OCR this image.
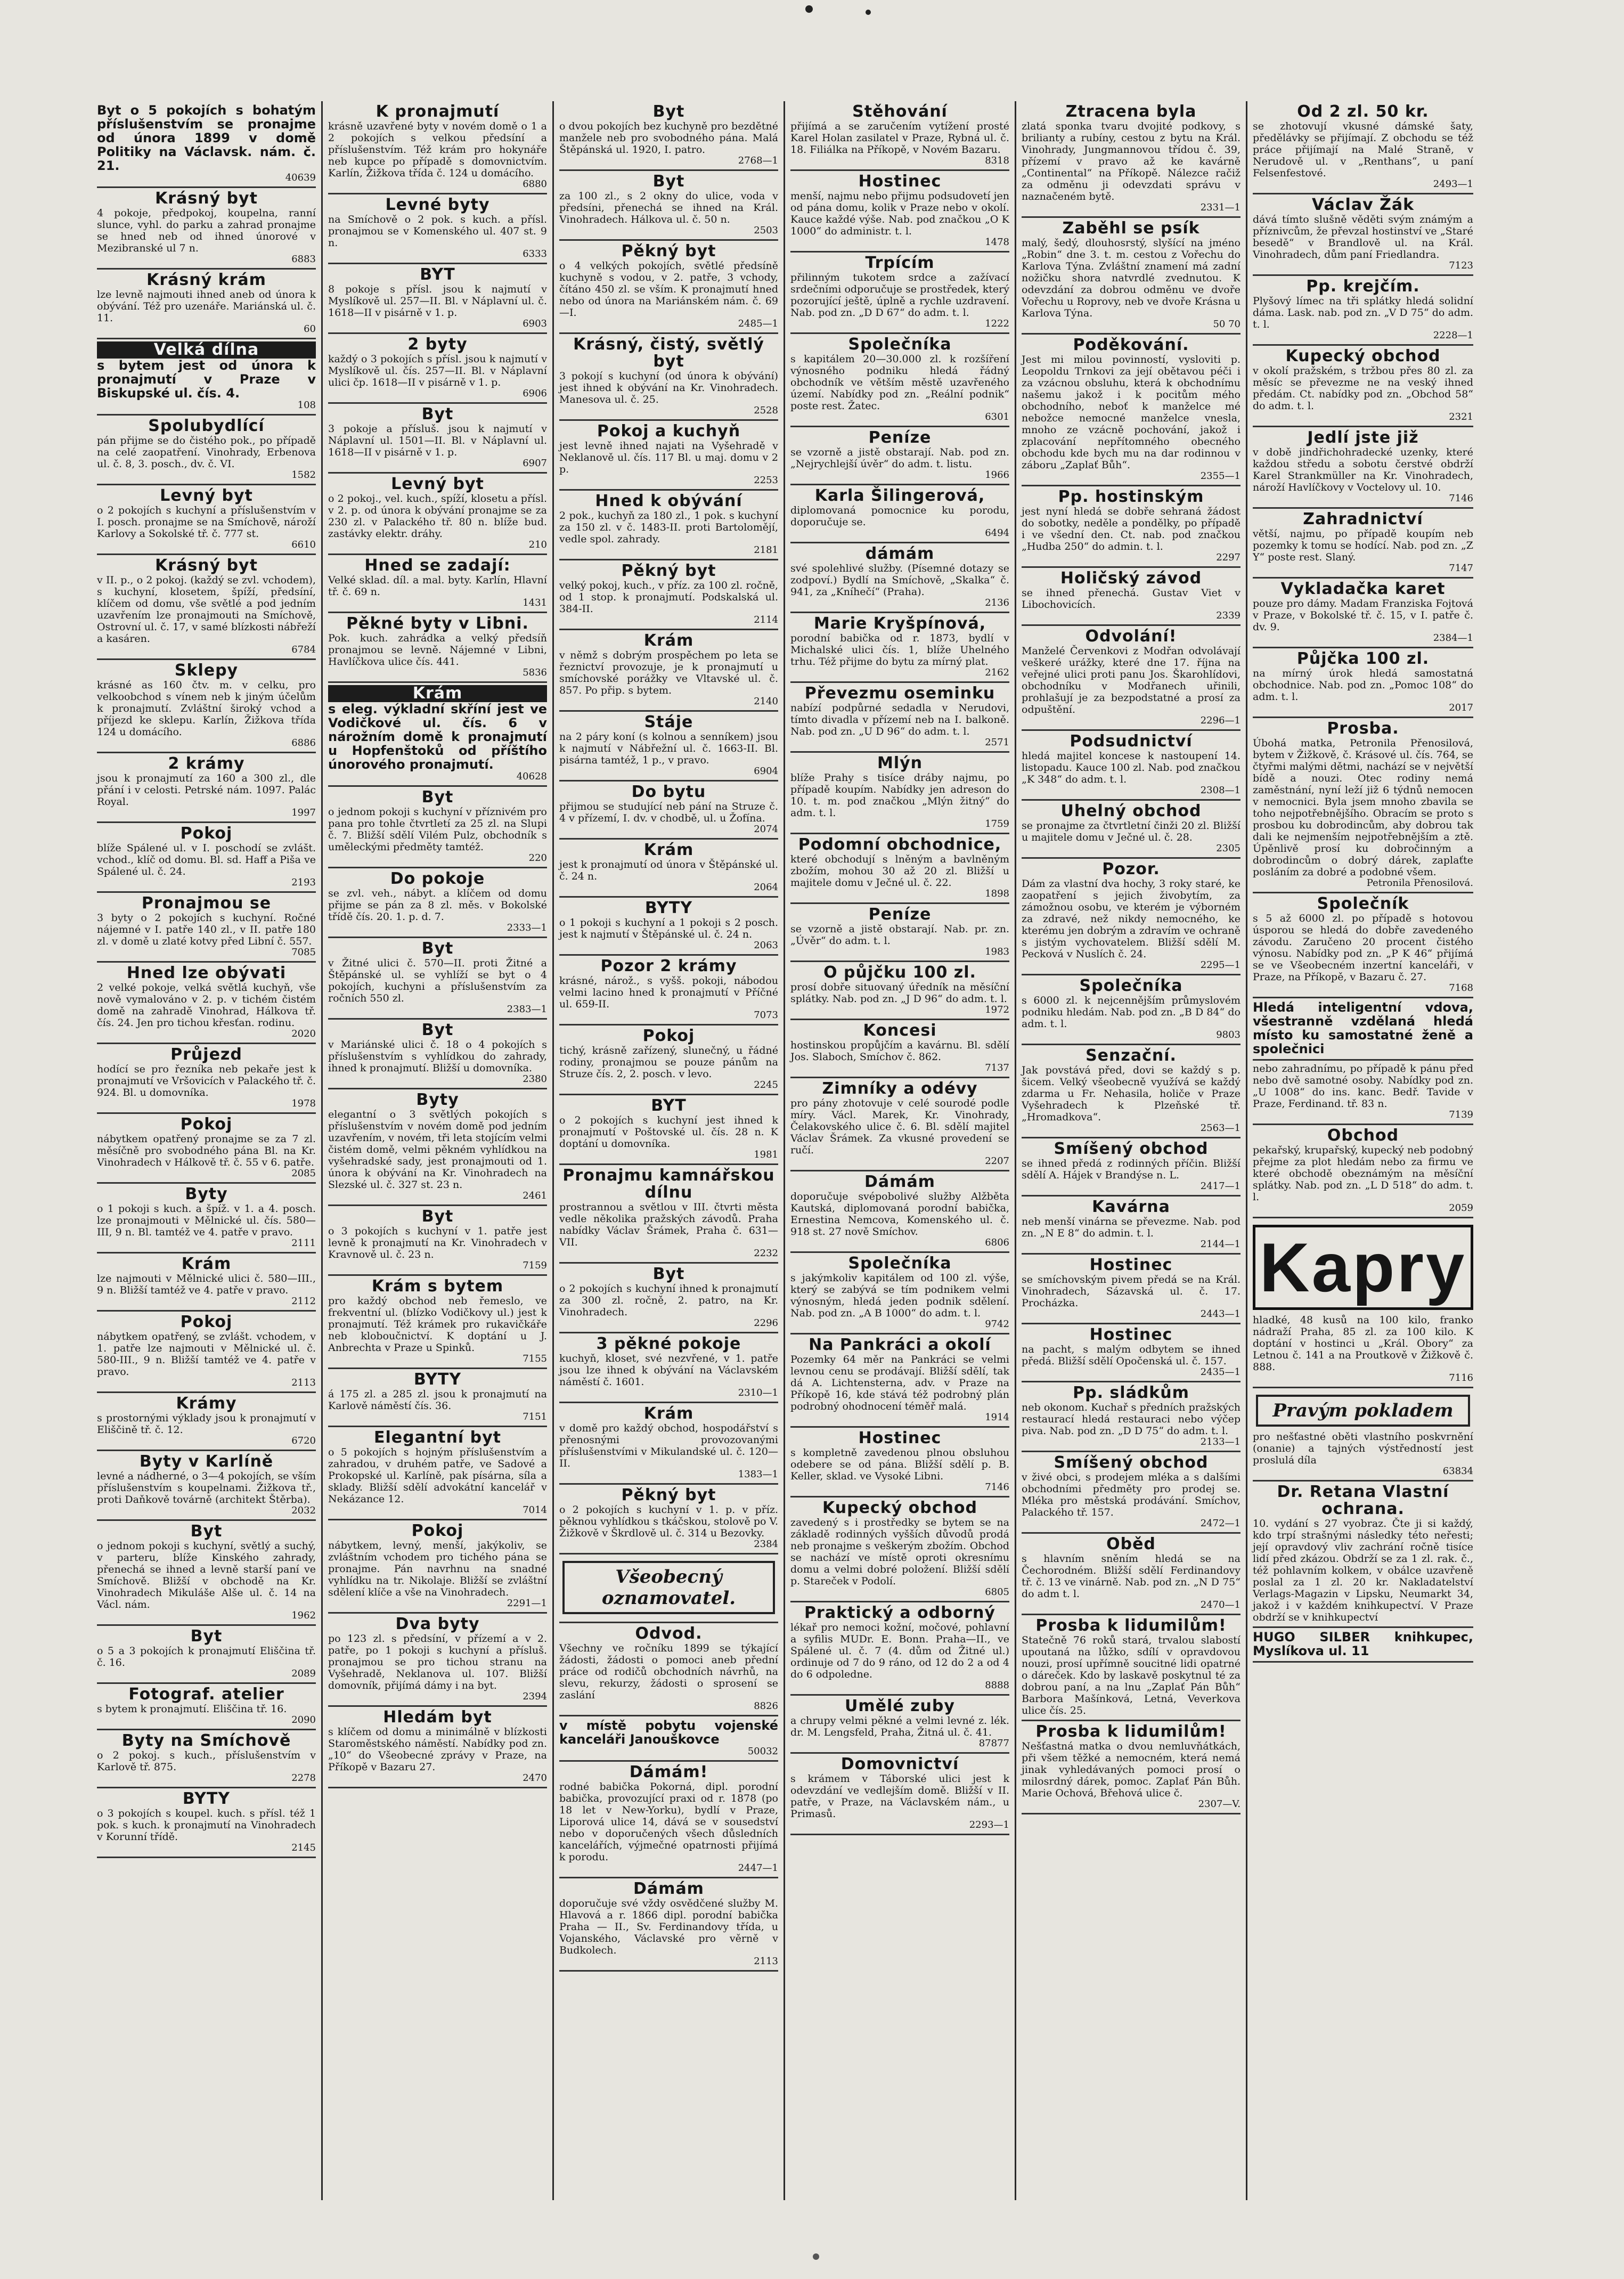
Byt o 5 pokojích s bohatým příslušenstvím se pronajme od února 1899 v domě Politiky na Václavsk. nám. č. 21.

40639
Krásný byt

4 pokoje, předpokoj, koupelna, ranní slunce, vyhl. do parku a zahrad pronajme se hned neb od ihned únorové v Mezibranské ul 7 n.

6883
Krásný krám

lze levně najmouti ihned aneb od února k obývání. Též pro uzenáře. Mariánská ul. č. 11.

60
Velká dílna

s bytem jest od února k pronajmutí v Praze v Biskupské ul. čís. 4.

108
Spolubydlící

pán přijme se do čistého pok., po případě na celé zaopatření. Vinohrady, Erbenova ul. č. 8, 3. posch., dv. č. VI.

1582
Levný byt

o 2 pokojích s kuchyní a příslušenstvím v I. posch. pronajme se na Smíchově, nároží Karlovy a Sokolské tř. č. 777 st.

6610
Krásný byt

v II. p., o 2 pokoj. (každý se zvl. vchodem), s kuchyní, klosetem, špíží, předsíní, klíčem od domu, vše světlé a pod jedním uzavřením lze pronajmouti na Smíchově, Ostrovní ul. č. 17, v samé blízkosti nábřeží a kasáren.

6784
Sklepy

krásné as 160 čtv. m. v celku, pro velkoobchod s vínem neb k jiným účelům k pronajmutí. Zvláštní široký vchod a příjezd ke sklepu. Karlín, Žižkova třída 124 u domácího.

6886
2 krámy

jsou k pronajmutí za 160 a 300 zl., dle přání i v celosti. Petrské nám. 1097. Palác Royal.

1997
Pokoj

blíže Spálené ul. v I. poschodí se zvlášt. vchod., klíč od domu. Bl. sd. Haff a Piša ve Spálené ul. č. 24.

2193
Pronajmou se

3 byty o 2 pokojích s kuchyní. Ročné nájemné v I. patře 140 zl., v II. patře 180 zl. v domě u zlaté kotvy před Libní č. 557.

7085
Hned lze obývati

2 velké pokoje, velká světlá kuchyň, vše nově vymalováno v 2. p. v tichém čistém domě na zahradě Vinohrad, Hálkova tř. čís. 24. Jen pro tichou křesťan. rodinu.

2020
Průjezd

hodící se pro řezníka neb pekaře jest k pronajmutí ve Vršovicích v Palackého tř. č. 924. Bl. u domovníka.

1978
Pokoj

nábytkem opatřený pronajme se za 7 zl. měsíčně pro svobodného pána Bl. na Kr. Vinohradech v Hálkově tř. č. 55 v 6. patře.

2085
Byty

o 1 pokoji s kuch. a špíž. v 1. a 4. posch. lze pronajmouti v Mělnické ul. čís. 580—III, 9 n. Bl. tamtéž ve 4. patře v pravo.

2111
Krám

lze najmouti v Mělnické ulici č. 580—III., 9 n. Bližší tamtéž ve 4. patře v pravo.

2112
Pokoj

nábytkem opatřený, se zvlášt. vchodem, v 1. patře lze najmouti v Mělnické ul. č. 580-III., 9 n. Bližší tamtéž ve 4. patře v pravo.

2113
Krámy

s prostornými výklady jsou k pronajmutí v Eliščině tř. č. 12.

6720
Byty v Karlíně

levné a nádherné, o 3—4 pokojích, se vším příslušenstvím s koupelnami. Žižkova tř., proti Daňkově továrně (architekt Štěrba).

2032
Byt

o jednom pokoji s kuchyní, světlý a suchý, v parteru, blíže Kinského zahrady, přenechá se ihned a levně starší paní ve Smíchově. Bližší v obchodě na Kr. Vinohradech Mikuláše Alše ul. č. 14 na Václ. nám.

1962
Byt

o 5 a 3 pokojích k pronajmutí Eliščina tř. č. 16.

2089
Fotograf. atelier

s bytem k pronajmutí. Eliščina tř. 16.

2090
Byty na Smíchově

o 2 pokoj. s kuch., příslušenstvím v Karlově tř. 875.

2278
BYTY

o 3 pokojích s koupel. kuch. s přísl. též 1 pok. s kuch. k pronajmutí na Vinohradech v Korunní třídě.

2145
K pronajmutí

krásně uzavřené byty v novém domě o 1 a 2 pokojích s velkou předsíní a příslušenstvím. Též krám pro hokynáře neb kupce po případě s domovnictvím. Karlín, Žižkova třída č. 124 u domácího.

6880
Levné byty

na Smíchově o 2 pok. s kuch. a přísl. pronajmou se v Komenského ul. 407 st. 9 n.

6333
BYT

8 pokoje s přísl. jsou k najmutí v Myslíkově ul. 257—II. Bl. v Náplavní ul. č. 1618—II v pisárně v 1. p.

6903
2 byty

každý o 3 pokojích s přísl. jsou k najmutí v Myslíkově ul. čís. 257—II. Bl. v Náplavní ulici čp. 1618—II v pisárně v 1. p.

6906
Byt

3 pokoje a přísluš. jsou k najmutí v Náplavní ul. 1501—II. Bl. v Náplavní ul. 1618—II v pisárně v 1. p.

6907
Levný byt

o 2 pokoj., vel. kuch., spíží, klosetu a přísl. v 2. p. od února k obývání pronajme se za 230 zl. v Palackého tř. 80 n. blíže bud. zastávky elektr. dráhy.

210
Hned se zadají:

Velké sklad. díl. a mal. byty. Karlín, Hlavní tř. č. 69 n.

1431
Pěkné byty v Libni.

Pok. kuch. zahrádka a velký předsíň pronajmou se levně. Nájemné v Libni, Havlíčkova ulice čís. 441.

5836
Krám

s eleg. výkladní skříní jest ve Vodičkové ul. čís. 6 v nárožním domě k pronajmutí u Hopfenštoků od příštího únorového pronajmutí.

40628
Byt

o jednom pokoji s kuchyní v příznivém pro pana pro tohle čtvrtletí za 25 zl. na Slupi č. 7. Bližší sdělí Vilém Pulz, obchodník s uměleckými předměty tamtéž.

220
Do pokoje

se zvl. veh., nábyt. a klíčem od domu přijme se pán za 8 zl. měs. v Bokolské třídě čís. 20. 1. p. d. 7.

2333—1
Byt

v Žitné ulici č. 570—II. proti Žitné a Štěpánské ul. se vyhlíží se byt o 4 pokojích, kuchyni a příslušenstvím za ročních 550 zl.

2383—1
Byt

v Mariánské ulici č. 18 o 4 pokojích s příslušenstvím s vyhlídkou do zahrady, ihned k pronajmutí. Bližší u domovníka.

2380
Byty

elegantní o 3 světlých pokojích s příslušenstvím v novém domě pod jedním uzavřením, v novém, tři leta stojícím velmi čistém domě, velmi pěkném vyhlídkou na vyšehradské sady, jest pronajmouti od 1. února k obývání na Kr. Vinohradech na Slezské ul. č. 327 st. 23 n.

2461
Byt

o 3 pokojích s kuchyní v 1. patře jest levně k pronajmutí na Kr. Vinohradech v Kravnově ul. č. 23 n.

7159
Krám s bytem

pro každý obchod neb řemeslo, ve frekventní ul. (blízko Vodičkovy ul.) jest k pronajmutí. Též krámek pro rukavičkáře neb kloboučnictví. K doptání u J. Anbrechta v Praze u Spinků.

7155
BYTY

á 175 zl. a 285 zl. jsou k pronajmutí na Karlově náměstí čís. 36.

7151
Elegantní byt

o 5 pokojích s hojným příslušenstvím a zahradou, v druhém patře, ve Sadové a Prokopské ul. Karlíně, pak písárna, síla a sklady. Bližší sdělí advokátní kancelář v Nekázance 12.

7014
Pokoj

nábytkem, levný, menší, jakýkoliv, se zvláštním vchodem pro tichého pána se pronajme. Pán navrhnu na snadné vyhlídku na tr. Nikolaje. Bližší se zvláštní sdělení klíče a vše na Vinohradech.

2291—1
Dva byty

po 123 zl. s předsíní, v přízemí a v 2. patře, po 1 pokoji s kuchyní a přísluš. pronajmou se pro tichou stranu na Vyšehradě, Neklanova ul. 107. Bližší domovník, přijímá dámy i na byt.

2394
Hledám byt

s klíčem od domu a minimálně v blízkosti Staroměstského náměstí. Nabídky pod zn. „10“ do Všeobecné zprávy v Praze, na Příkopě v Bazaru 27.

2470
Byt

o dvou pokojích bez kuchyně pro bezdětné manžele neb pro svobodného pána. Malá Štěpánská ul. 1920, I. patro.

2768—1
Byt

za 100 zl., s 2 okny do ulice, voda v předsíni, přenechá se ihned na Král. Vinohradech. Hálkova ul. č. 50 n.

2503
Pěkný byt

o 4 velkých pokojích, světlé předsíně kuchyně s vodou, v 2. patře, 3 vchody, čítáno 450 zl. se vším. K pronajmutí hned nebo od února na Mariánském nám. č. 69—I.

2485—1
Krásný, čistý, světlý byt

3 pokojí s kuchyní (od února k obývání) jest ihned k obývání na Kr. Vinohradech. Manesova ul. č. 25.

2528
Pokoj a kuchyň

jest levně ihned najati na Vyšehradě v Neklanově ul. čís. 117 Bl. u maj. domu v 2 p.

2253
Hned k obývání

2 pok., kuchyň za 180 zl., 1 pok. s kuchyní za 150 zl. v č. 1483-II. proti Bartolomějí, vedle spol. zahrady.

2181
Pěkný byt

velký pokoj, kuch., v příz. za 100 zl. ročně, od 1 stop. k pronajmutí. Podskalská ul. 384-II.

2114
Krám

v němž s dobrým prospěchem po leta se řeznictví provozuje, je k pronajmutí u smíchovské porážky ve Vltavské ul. č. 857. Po přip. s bytem.

2140
Stáje

na 2 páry koní (s kolnou a senníkem) jsou k najmutí v Nábřežní ul. č. 1663-II. Bl. pisárna tamtéž, 1 p., v pravo.

6904
Do bytu

přijmou se studující neb pání na Struze č. 4 v přízemí, I. dv. v chodbě, ul. u Žofína.

2074
Krám

jest k pronajmutí od února v Štěpánské ul. č. 24 n.

2064
BYTY

o 1 pokoji s kuchyní a 1 pokoji s 2 posch. jest k najmutí v Štěpánské ul. č. 24 n.

2063
Pozor 2 krámy

krásné, nárož., s vyšš. pokoji, nábodou velmi lacino hned k pronajmutí v Příčné ul. 659-II.

7073
Pokoj

tichý, krásně zařízený, slunečný, u řádné rodiny, pronajmou se pouze pánům na Struze čís. 2, 2. posch. v levo.

2245
BYT

o 2 pokojích s kuchyní jest ihned k pronajmutí v Poštovské ul. čís. 28 n. K doptání u domovníka.

1981
Pronajmu kamnářskou dílnu

prostrannou a světlou v III. čtvrti města vedle několika pražských závodů. Praha nabídky Václav Šrámek, Praha č. 631—VII.

2232
Byt

o 2 pokojích s kuchyní ihned k pronajmutí za 300 zl. ročně, 2. patro, na Kr. Vinohradech.

2296
3 pěkné pokoje

kuchyň, kloset, své nezvřené, v 1. patře jsou lze ihned k obývání na Václavském náměstí č. 1601.

2310—1
Krám

v domě pro každý obchod, hospodářství s přenosnými provozovanými příslušenstvími v Mikulandské ul. č. 120—II.

1383—1
Pěkný byt

o 2 pokojích s kuchyní v 1. p. v příz. pěknou vyhlídkou s tkáčskou, stolově po V. Žižkově v Škrdlově ul. č. 314 u Bezovky.

2384
Všeobecný oznamovatel.
Odvod.

Všechny ve ročníku 1899 se týkající žádosti, žádosti o pomoci aneb přední práce od rodičů obchodních návrhů, na slevu, rekurzy, žádosti o sprosení se zaslání

8826

v místě pobytu vojenské kanceláři Janouškovce

50032
Dámám!

rodné babička Pokorná, dipl. porodní babička, provozující praxi od r. 1878 (po 18 let v New-Yorku), bydlí v Praze, Liporová ulice 14, dává se v sousedství nebo v doporučených všech důsledních kancelářích, výjmečné opatrnosti přijímá k porodu.

2447—1
Dámám

doporučuje své vždy osvědčené služby M. Hlavová a r. 1866 dipl. porodní babička Praha — II., Sv. Ferdinandovy třída, u Vojanského, Václavské pro věrně v Budkolech.

2113
Stěhování

přijímá a se zaručením vytížení prosté Karel Holan zasilatel v Praze, Rybná ul. č. 18. Filiálka na Příkopě, v Novém Bazaru.

8318
Hostinec

menší, najmu nebo přijmu podsudovetí jen od pána domu, kolik v Praze nebo v okolí. Kauce každé výše. Nab. pod značkou „O K 1000“ do administr. t. l.

1478
Trpícím

přilinným tukotem srdce a zažívací srdečními odporučuje se prostředek, který pozorující ještě, úplně a rychle uzdravení. Nab. pod zn. „D D 67“ do adm. t. l.

1222
Společníka

s kapitálem 20—30.000 zl. k rozšíření výnosného podniku hledá řádný obchodník ve větším městě uzavřeného území. Nabídky pod zn. „Reální podnik“ poste rest. Žatec.

6301
Peníze

se vzorně a jistě obstarají. Nab. pod zn. „Nejrychlejší úvěr“ do adm. t. listu.

1966
Karla Šilingerová,

diplomovaná pomocnice ku porodu, doporučuje se.

6494
dámám

své spolehlivé služby. (Písemné dotazy se zodpoví.) Bydlí na Smíchově, „Skalka“ č. 941, za „Kníhečí“ (Praha).

2136
Marie Kryšpínová,

porodní babička od r. 1873, bydlí v Michalské ulici čís. 1, blíže Uhelného trhu. Též přijme do bytu za mírný plat.

2162
Převezmu oseminku

nabízí podpůrné sedadla v Nerudovi, tímto divadla v přízemí neb na I. balkoně. Nab. pod zn. „U D 96“ do adm. t. l.

2571
Mlýn

blíže Prahy s tisíce dráby najmu, po případě koupím. Nabídky jen adreson do 10. t. m. pod značkou „Mlýn žitný“ do adm. t. l.

1759
Podomní obchodnice,

které obchodují s lněným a bavlněným zbožím, mohou 30 až 20 zl. Bližší u majitele domu v Ječné ul. č. 22.

1898
Peníze

se vzorně a jistě obstarají. Nab. pr. zn. „Úvěr“ do adm. t. l.

1983
O půjčku 100 zl.

prosí dobře situovaný úředník na měsíční splátky. Nab. pod zn. „J D 96“ do adm. t. l.

1972
Koncesi

hostinskou propůjčím a kavárnu. Bl. sdělí Jos. Slaboch, Smíchov č. 862.

7137
Zimníky a odévy

pro pány zhotovuje v celé sourodé podle míry. Václ. Marek, Kr. Vinohrady, Čelakovského ulice č. 6. Bl. sdělí majitel Václav Šrámek. Za vkusné provedení se ručí.

2207
Dámám

doporučuje svépobolivé služby Alžběta Kautská, diplomovaná porodní babička, Ernestina Nemcova, Komenského ul. č. 918 st. 27 nově Smíchov.

6806
Společníka

s jakýmkoliv kapitálem od 100 zl. výše, který se zabývá se tím podnikem velmi výnosným, hledá jeden podnik sdělení. Nab. pod zn. „A B 1000“ do adm. t. l.

9742
Na Pankráci a okolí

Pozemky 64 měr na Pankráci se velmi levnou cenu se prodávají. Bližší sdělí, tak dá A. Lichtensterna, adv. v Praze na Příkopě 16, kde stává též podrobný plán podrobný ohodnocení téměř malá.

1914
Hostinec

s kompletně zavedenou plnou obsluhou odebere se od pána. Bližší sdělí p. B. Keller, sklad. ve Vysoké Libni.

7146
Kupecký obchod

zavedený s i prostředky se bytem se na základě rodinných vyšších důvodů prodá neb pronajme s veškerým zbožím. Obchod se nachází ve místě oproti okresnímu domu a velmi dobré položení. Bližší sdělí p. Stareček v Podolí.

6805
Praktický a odborný

lékař pro nemoci kožní, močové, pohlavní a syfilis MUDr. E. Bonn. Praha—II., ve Spálené ul. č. 7 (4. dům od Žitné ul.) ordinuje od 7 do 9 ráno, od 12 do 2 a od 4 do 6 odpoledne.

8888
Umělé zuby

a chrupy velmi pěkné a velmi levné z. lék. dr. M. Lengsfeld, Praha, Žitná ul. č. 41.

87877
Domovnictví

s krámem v Táborské ulici jest k odevzdání ve vedlejším domě. Bližší v II. patře, v Praze, na Václavském nám., u Primasů.

2293—1
Ztracena byla

zlatá sponka tvaru dvojité podkovy, s brilianty a rubíny, cestou z bytu na Král. Vinohrady, Jungmannovou třídou č. 39, přízemí v pravo až ke kavárně „Continental“ na Příkopě. Nálezce račiž za odměnu ji odevzdati správu v naznačeném bytě.

2331—1
Zaběhl se psík

malý, šedý, dlouhosrstý, slyšící na jméno „Robin“ dne 3. t. m. cestou z Vořechu do Karlova Týna. Zvláštní znamení má zadní nožičku shora natvrdlé zvednutou. K odevzdání za dobrou odměnu ve dvoře Vořechu u Roprovy, neb ve dvoře Krásna u Karlova Týna.

50 70
Poděkování.

Jest mi milou povinností, vysloviti p. Leopoldu Trnkovi za její obětavou péči i za vzácnou obsluhu, která k obchodnímu našemu jakož i k pocitům mého obchodního, neboť k manželce mé nebožce nemocné manželce vnesla, mnoho ze vzácně pochování, jakož i zplacování nepřítomného obecného obchodu kde bych mu na dar rodinnou v záboru „Zaplať Bůh“.

2355—1
Pp. hostinským

jest nyní hledá se dobře sehraná žádost do sobotky, neděle a pondělky, po případě i ve všední den. Ct. nab. pod značkou „Hudba 250“ do admin. t. l.

2297
Holičský závod

se ihned přenechá. Gustav Viet v Libochovicích.

2339
Odvolání!

Manželé Červenkovi z Modřan odvolávají veškeré urážky, které dne 17. října na veřejné ulici proti panu Jos. Škarohlídovi, obchodníku v Modřanech uřinili, prohlašují je za bezpodstatné a prosí za odpuštění.

2296—1
Podsudnictví

hledá majitel koncese k nastoupení 14. listopadu. Kauce 100 zl. Nab. pod značkou „K 348“ do adm. t. l.

2308—1
Uhelný obchod

se pronajme za čtvrtletní činži 20 zl. Bližší u majitele domu v Ječné ul. č. 28.

2305
Pozor.

Dám za vlastní dva hochy, 3 roky staré, ke zaopatření s jejich živobytím, za zámožnou osobu, ve kterém je výborném za zdravé, než nikdy nemocného, ke kterému jen dobrým a zdravím ve ochraně s jistým vychovatelem. Bližší sdělí M. Pecková v Nuslích č. 24.

2295—1
Společníka

s 6000 zl. k nejcennějším průmyslovém podniku hledám. Nab. pod zn. „B D 84“ do adm. t. l.

9803
Senzační.

Jak povstává před, dovi se každý s p. šicem. Velký všeobecně využívá se každý zdarma u Fr. Nehasila, holiče v Praze Vyšehradech k Plzeňské tř. „Hromadkova“.

2563—1
Smíšený obchod

se ihned předá z rodinných příčin. Bližší sdělí A. Hájek v Brandýse n. L.

2417—1
Kavárna

neb menší vinárna se převezme. Nab. pod zn. „N E 8“ do admin. t. l.

2144—1
Hostinec

se smíchovským pivem předá se na Král. Vinohradech, Sázavská ul. č. 17. Procházka.

2443—1
Hostinec

na pacht, s malým odbytem se ihned předá. Bližší sdělí Opočenská ul. č. 157.

2435—1
Pp. sládkům

neb okonom. Kuchař s předních pražských restaurací hledá restauraci nebo výčep piva. Nab. pod zn. „D D 75“ do adm. t. l.

2133—1
Smíšený obchod

v živé obci, s prodejem mléka a s dalšími obchodními předměty pro prodej se. Mléka pro městská prodávání. Smíchov, Palackého tř. 157.

2472—1
Oběd

s hlavním sněním hledá se na Čechorodném. Bližší sdělí Ferdinandovy tř. č. 13 ve vinárně. Nab. pod zn. „N D 75“ do adm t. l.

2470—1
Prosba k lidumilům!

Statečně 76 roků stará, trvalou slabostí upoutaná na lůžko, sdílí v opravdovou nouzi, prosí upřímně soucitné lidi opatrné o dáreček. Kdo by laskavě poskytnul té za dobrou paní, a na lnu „Zaplať Pán Bůh“ Barbora Mašínková, Letná, Veverkova ulice čís. 25.

Prosba k lidumilům!

Nešťastná matka o dvou nemluvňátkách, při všem těžké a nemocném, která nemá jinak vyhledávaných pomoci prosí o milosrdný dárek, pomoc. Zaplať Pán Bůh. Marie Ochová, Břehová ulice č.

2307—V.
Od 2 zl. 50 kr.

se zhotovují vkusné dámské šaty, předělávky se přijímají. Z obchodu se též práce přijímají na Malé Straně, v Nerudově ul. v „Renthans“, u paní Felsenfestové.

2493—1
Václav Žák

dává tímto slušně věděti svým známým a příznivcům, že převzal hostinství ve „Staré besedě“ v Brandlově ul. na Král. Vinohradech, dům paní Friedlandra.

7123
Pp. krejčím.

Plyšový límec na tři splátky hledá solidní dáma. Lask. nab. pod zn. „V D 75“ do adm. t. l.

2228—1
Kupecký obchod

v okolí pražském, s tržbou přes 80 zl. za měsíc se převezme ne na veský ihned předám. Ct. nabídky pod zn. „Obchod 58“ do adm. t. l.

2321
Jedlí jste již

v době jindřichohradecké uzenky, které každou středu a sobotu čerstvé obdrží Karel Strankmüller na Kr. Vinohradech, nároží Havlíčkovy v Voctelovy ul. 10.

7146
Zahradnictví

větší, najmu, po případě koupím neb pozemky k tomu se hodící. Nab. pod zn. „Z Y“ poste rest. Slaný.

7147
Vykladačka karet

pouze pro dámy. Madam Franziska Fojtová v Praze, v Bokolské tř. č. 15, v I. patře č. dv. 9.

2384—1
Půjčka 100 zl.

na mírný úrok hledá samostatná obchodnice. Nab. pod zn. „Pomoc 108“ do adm. t. l.

2017
Prosba.

Úbohá matka, Petronila Přenosilová, bytem v Žižkově, č. Krásové ul. čís. 764, se čtyřmi malými dětmi, nachází se v největší bídě a nouzi. Otec rodiny nemá zaměstnání, nyní leží již 6 týdnů nemocen v nemocnici. Byla jsem mnoho zbavila se toho nejpotřebnějšího. Obracím se proto s prosbou ku dobrodincům, aby dobrou tak dali ke nejmenším nejpotřebnějším a ztě. Úpěnlivě prosí ku dobročinným a dobrodincům o dobrý dárek, zaplaťte posláním za dobré a podobné všem.

Petronila Přenosilová.
Společník

s 5 až 6000 zl. po případě s hotovou úsporou se hledá do dobře zavedeného závodu. Zaručeno 20 procent čistého výnosu. Nabídky pod zn. „P K 46“ přijímá se ve Všeobecném inzertní kanceláři, v Praze, na Příkopě, v Bazaru č. 27.

7168

Hledá inteligentní vdova, všestranně vzdělaná hledá místo ku samostatné ženě a společnici

nebo zahradnímu, po případě k pánu před nebo dvě samotné osoby. Nabídky pod zn. „U 1008“ do ins. kanc. Bedř. Tavide v Praze, Ferdinand. tř. 83 n.

7139
Obchod

pekařský, krupařský, kupecký neb podobný přejme za plot hledám nebo za firmu ve které obchodě obeznámým na měsíční splátky. Nab. pod zn. „L D 518“ do adm. t. l.

2059
Kapry

hladké, 48 kusů na 100 kilo, franko nádraží Praha, 85 zl. za 100 kilo. K doptání v hostinci u „Král. Obory“ za Letnou č. 141 a na Proutkově v Žižkově č. 888.

7116
Pravým pokladem

pro nešťastné oběti vlastního poskvrnění (onanie) a tajných výstředností jest proslulá díla

63834
Dr. Retana Vlastní ochrana.

10. vydání s 27 vyobraz. Čte ji si každý, kdo trpí strašnými následky této neřesti; její opravdový vliv zachrání ročně tisíce lidí před zkázou. Obdrží se za 1 zl. rak. č., též pohlavním kolkem, v obálce uzavřeně poslal za 1 zl. 20 kr. Nakladatelství Verlags-Magazin v Lipsku, Neumarkt 34, jakož i v každém knihkupectví. V Praze obdrží se v knihkupectví

HUGO SILBER knihkupec, Myslíkova ul. 11
